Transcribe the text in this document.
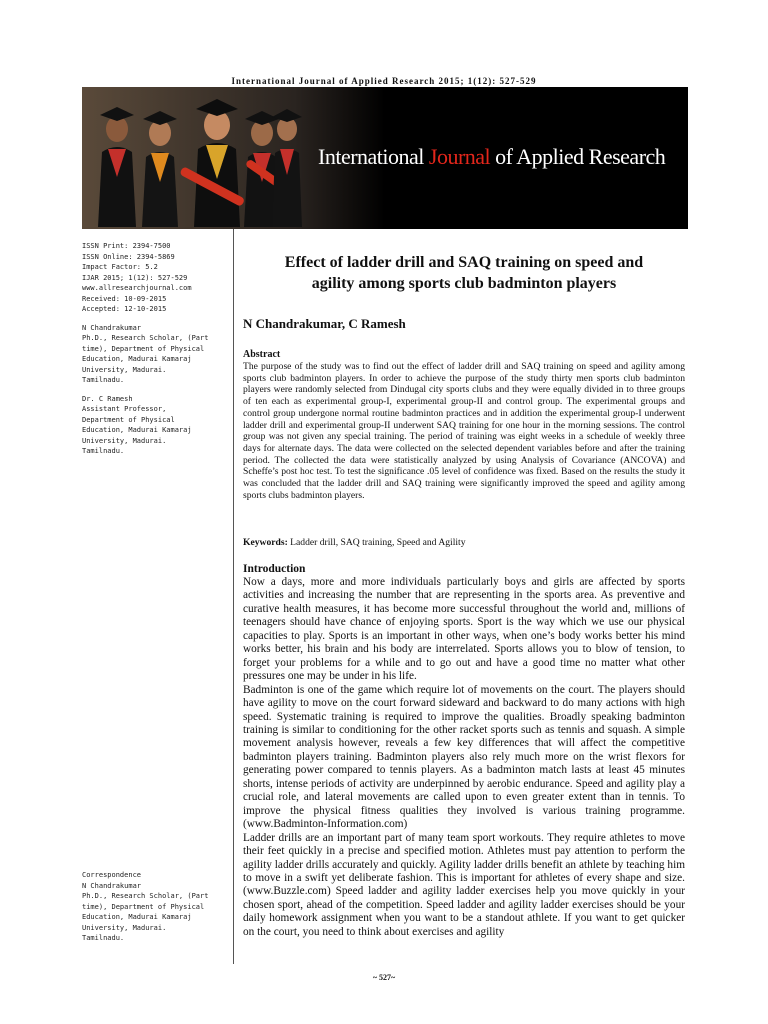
International Journal of Applied Research 2015; 1(12): 527-529
International Journal of Applied Research
ISSN Print: 2394-7500
ISSN Online: 2394-5869
Impact Factor: 5.2
IJAR 2015; 1(12): 527-529
www.allresearchjournal.com
Received: 10-09-2015
Accepted: 12-10-2015
N Chandrakumar
Ph.D., Research Scholar, (Part
time), Department of Physical
Education, Madurai Kamaraj
University, Madurai.
Tamilnadu.
Dr. C Ramesh
Assistant Professor,
Department of Physical
Education, Madurai Kamaraj
University, Madurai.
Tamilnadu.
Correspondence
N Chandrakumar
Ph.D., Research Scholar, (Part
time), Department of Physical
Education, Madurai Kamaraj
University, Madurai.
Tamilnadu.
Effect of ladder drill and SAQ training on speed and
agility among sports club badminton players
N Chandrakumar, C Ramesh
Abstract
The purpose of the study was to find out the effect of ladder drill and SAQ training on speed and agility among sports club badminton players. In order to achieve the purpose of the study thirty men sports club badminton players were randomly selected from Dindugal city sports clubs and they were equally divided in to three groups of ten each as experimental group-I, experimental group-II and control group. The experimental groups and control group undergone normal routine badminton practices and in addition the experimental group-I underwent ladder drill and experimental group-II underwent SAQ training for one hour in the morning sessions. The control group was not given any special training. The period of training was eight weeks in a schedule of weekly three days for alternate days. The data were collected on the selected dependent variables before and after the training period. The collected the data were statistically analyzed by using Analysis of Covariance (ANCOVA) and Scheffe’s post hoc test. To test the significance .05 level of confidence was fixed. Based on the results the study it was concluded that the ladder drill and SAQ training were significantly improved the speed and agility among sports clubs badminton players.
Keywords: Ladder drill, SAQ training, Speed and Agility
Introduction

Now a days, more and more individuals particularly boys and girls are affected by sports activities and increasing the number that are representing in the sports area. As preventive and curative health measures, it has become more successful throughout the world and, millions of teenagers should have chance of enjoying sports. Sport is the way which we use our physical capacities to play. Sports is an important in other ways, when one’s body works better his mind works better, his brain and his body are interrelated. Sports allows you to blow of tension, to forget your problems for a while and to go out and have a good time no matter what other pressures one may be under in his life.

Badminton is one of the game which require lot of movements on the court. The players should have agility to move on the court forward sideward and backward to do many actions with high speed. Systematic training is required to improve the qualities. Broadly speaking badminton training is similar to conditioning for the other racket sports such as tennis and squash. A simple movement analysis however, reveals a few key differences that will affect the competitive badminton players training. Badminton players also rely much more on the wrist flexors for generating power compared to tennis players. As a badminton match lasts at least 45 minutes shorts, intense periods of activity are underpinned by aerobic endurance. Speed and agility play a crucial role, and lateral movements are called upon to even greater extent than in tennis. To improve the physical fitness qualities they involved is various training programme. (www.Badminton-Information.com)

Ladder drills are an important part of many team sport workouts. They require athletes to move their feet quickly in a precise and specified motion. Athletes must pay attention to perform the agility ladder drills accurately and quickly. Agility ladder drills benefit an athlete by teaching him to move in a swift yet deliberate fashion. This is important for athletes of every shape and size. (www.Buzzle.com) Speed ladder and agility ladder exercises help you move quickly in your chosen sport, ahead of the competition. Speed ladder and agility ladder exercises should be your daily homework assignment when you want to be a standout athlete. If you want to get quicker on the court, you need to think about exercises and agility

~ 527~
